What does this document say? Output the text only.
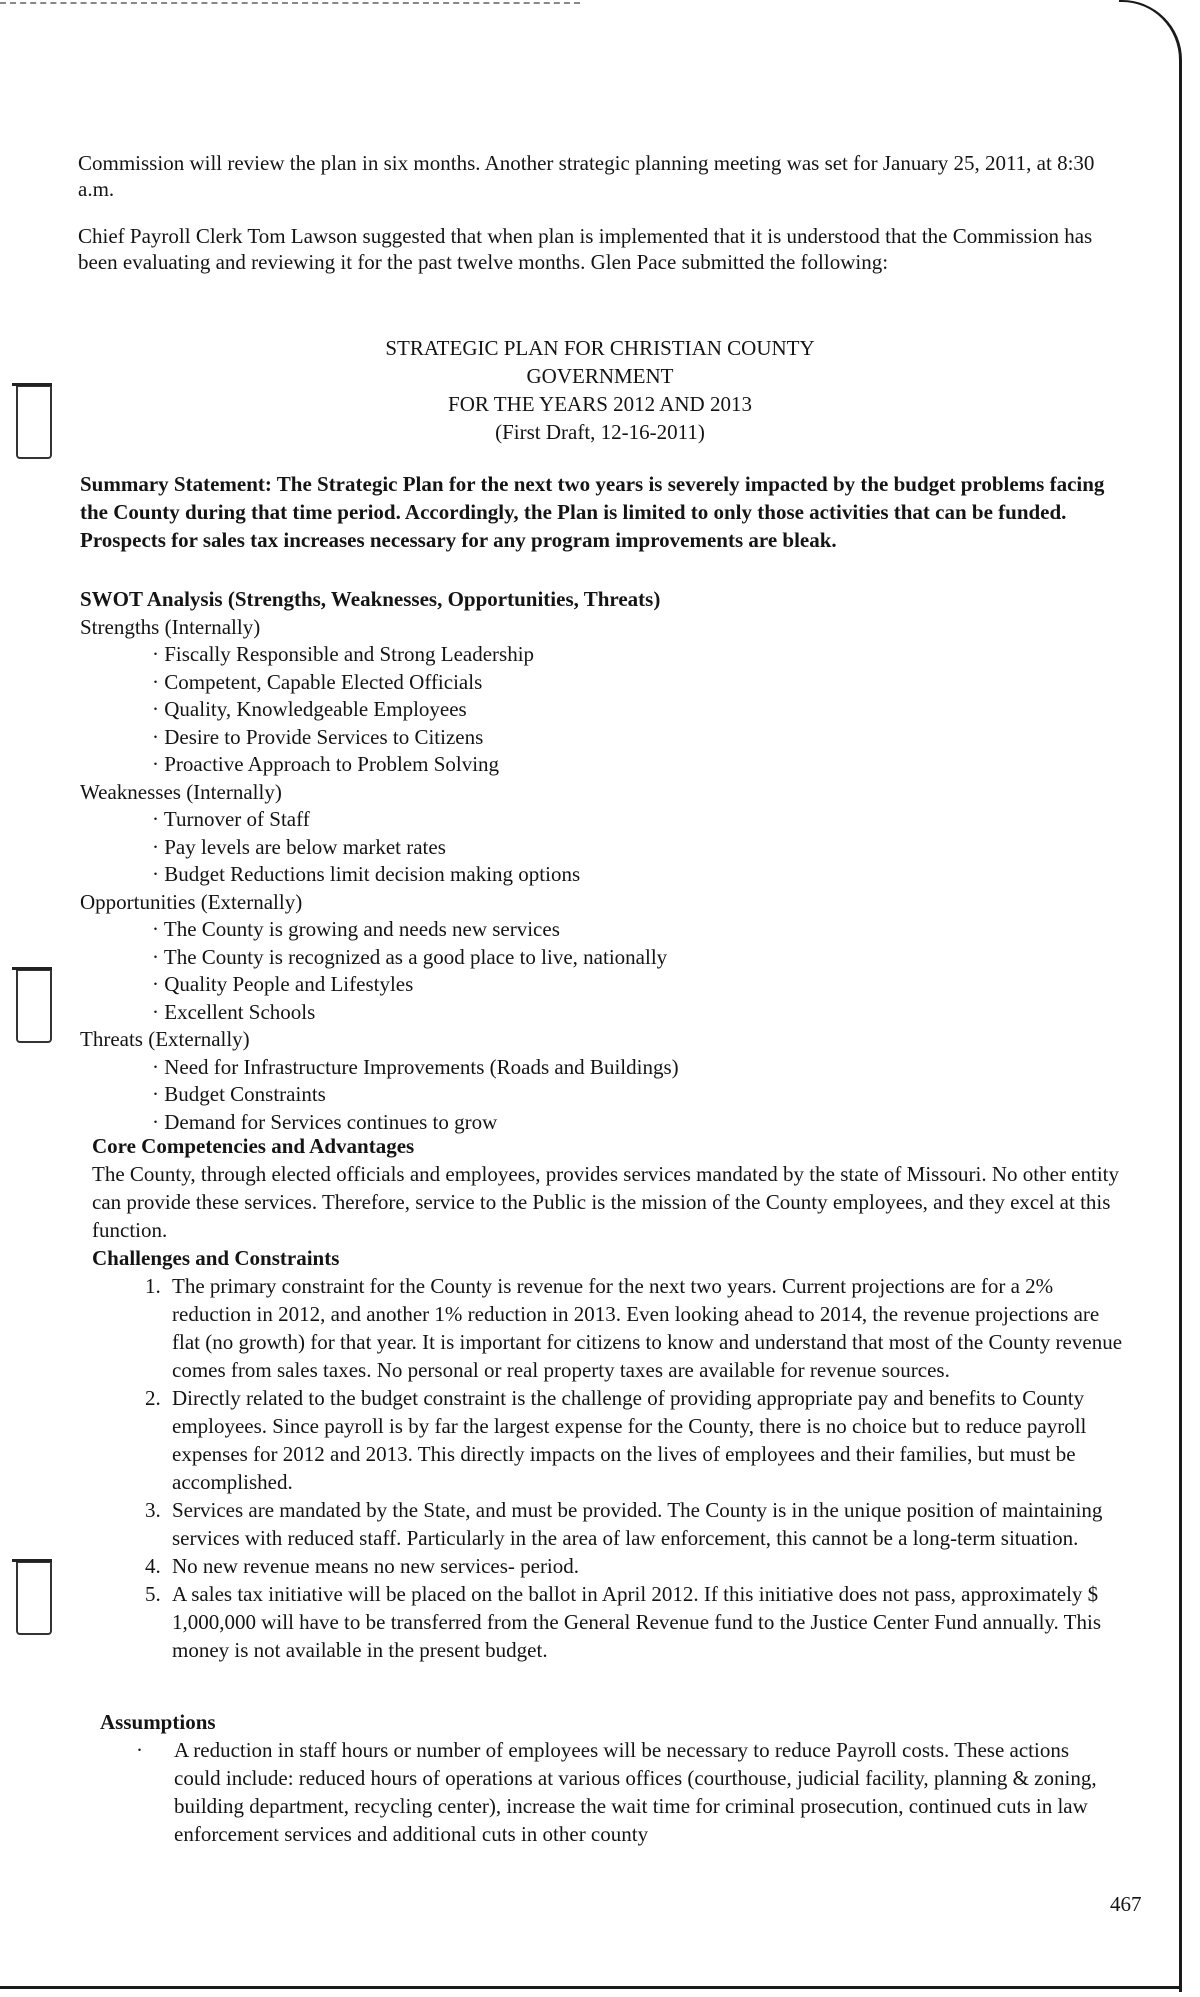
Commission will review the plan in six months. Another strategic planning meeting was set for January 25, 2011, at 8:30 a.m.

Chief Payroll Clerk Tom Lawson suggested that when plan is implemented that it is understood that the Commission has been evaluating and reviewing it for the past twelve months. Glen Pace submitted the following:

STRATEGIC PLAN FOR CHRISTIAN COUNTY
GOVERNMENT
FOR THE YEARS 2012 AND 2013
(First Draft, 12-16-2011)

Summary Statement: The Strategic Plan for the next two years is severely impacted by the budget problems facing the County during that time period. Accordingly, the Plan is limited to only those activities that can be funded. Prospects for sales tax increases necessary for any program improvements are bleak.

SWOT Analysis (Strengths, Weaknesses, Opportunities, Threats)
Strengths (Internally)
· Fiscally Responsible and Strong Leadership
· Competent, Capable Elected Officials
· Quality, Knowledgeable Employees
· Desire to Provide Services to Citizens
· Proactive Approach to Problem Solving
Weaknesses (Internally)
· Turnover of Staff
· Pay levels are below market rates
· Budget Reductions limit decision making options
Opportunities (Externally)
· The County is growing and needs new services
· The County is recognized as a good place to live, nationally
· Quality People and Lifestyles
· Excellent Schools
Threats (Externally)
· Need for Infrastructure Improvements (Roads and Buildings)
· Budget Constraints
· Demand for Services continues to grow
Core Competencies and Advantages

The County, through elected officials and employees, provides services mandated by the state of Missouri. No other entity can provide these services. Therefore, service to the Public is the mission of the County employees, and they excel at this function.

Challenges and Constraints
1. The primary constraint for the County is revenue for the next two years. Current projections are for a 2% reduction in 2012, and another 1% reduction in 2013. Even looking ahead to 2014, the revenue projections are flat (no growth) for that year. It is important for citizens to know and understand that most of the County revenue comes from sales taxes. No personal or real property taxes are available for revenue sources.
2. Directly related to the budget constraint is the challenge of providing appropriate pay and benefits to County employees. Since payroll is by far the largest expense for the County, there is no choice but to reduce payroll expenses for 2012 and 2013. This directly impacts on the lives of employees and their families, but must be accomplished.
3. Services are mandated by the State, and must be provided. The County is in the unique position of maintaining services with reduced staff. Particularly in the area of law enforcement, this cannot be a long-term situation.
4. No new revenue means no new services- period.
5. A sales tax initiative will be placed on the ballot in April 2012. If this initiative does not pass, approximately $ 1,000,000 will have to be transferred from the General Revenue fund to the Justice Center Fund annually. This money is not available in the present budget.
Assumptions
· A reduction in staff hours or number of employees will be necessary to reduce Payroll costs. These actions could include: reduced hours of operations at various offices (courthouse, judicial facility, planning & zoning, building department, recycling center), increase the wait time for criminal prosecution, continued cuts in law enforcement services and additional cuts in other county
467
